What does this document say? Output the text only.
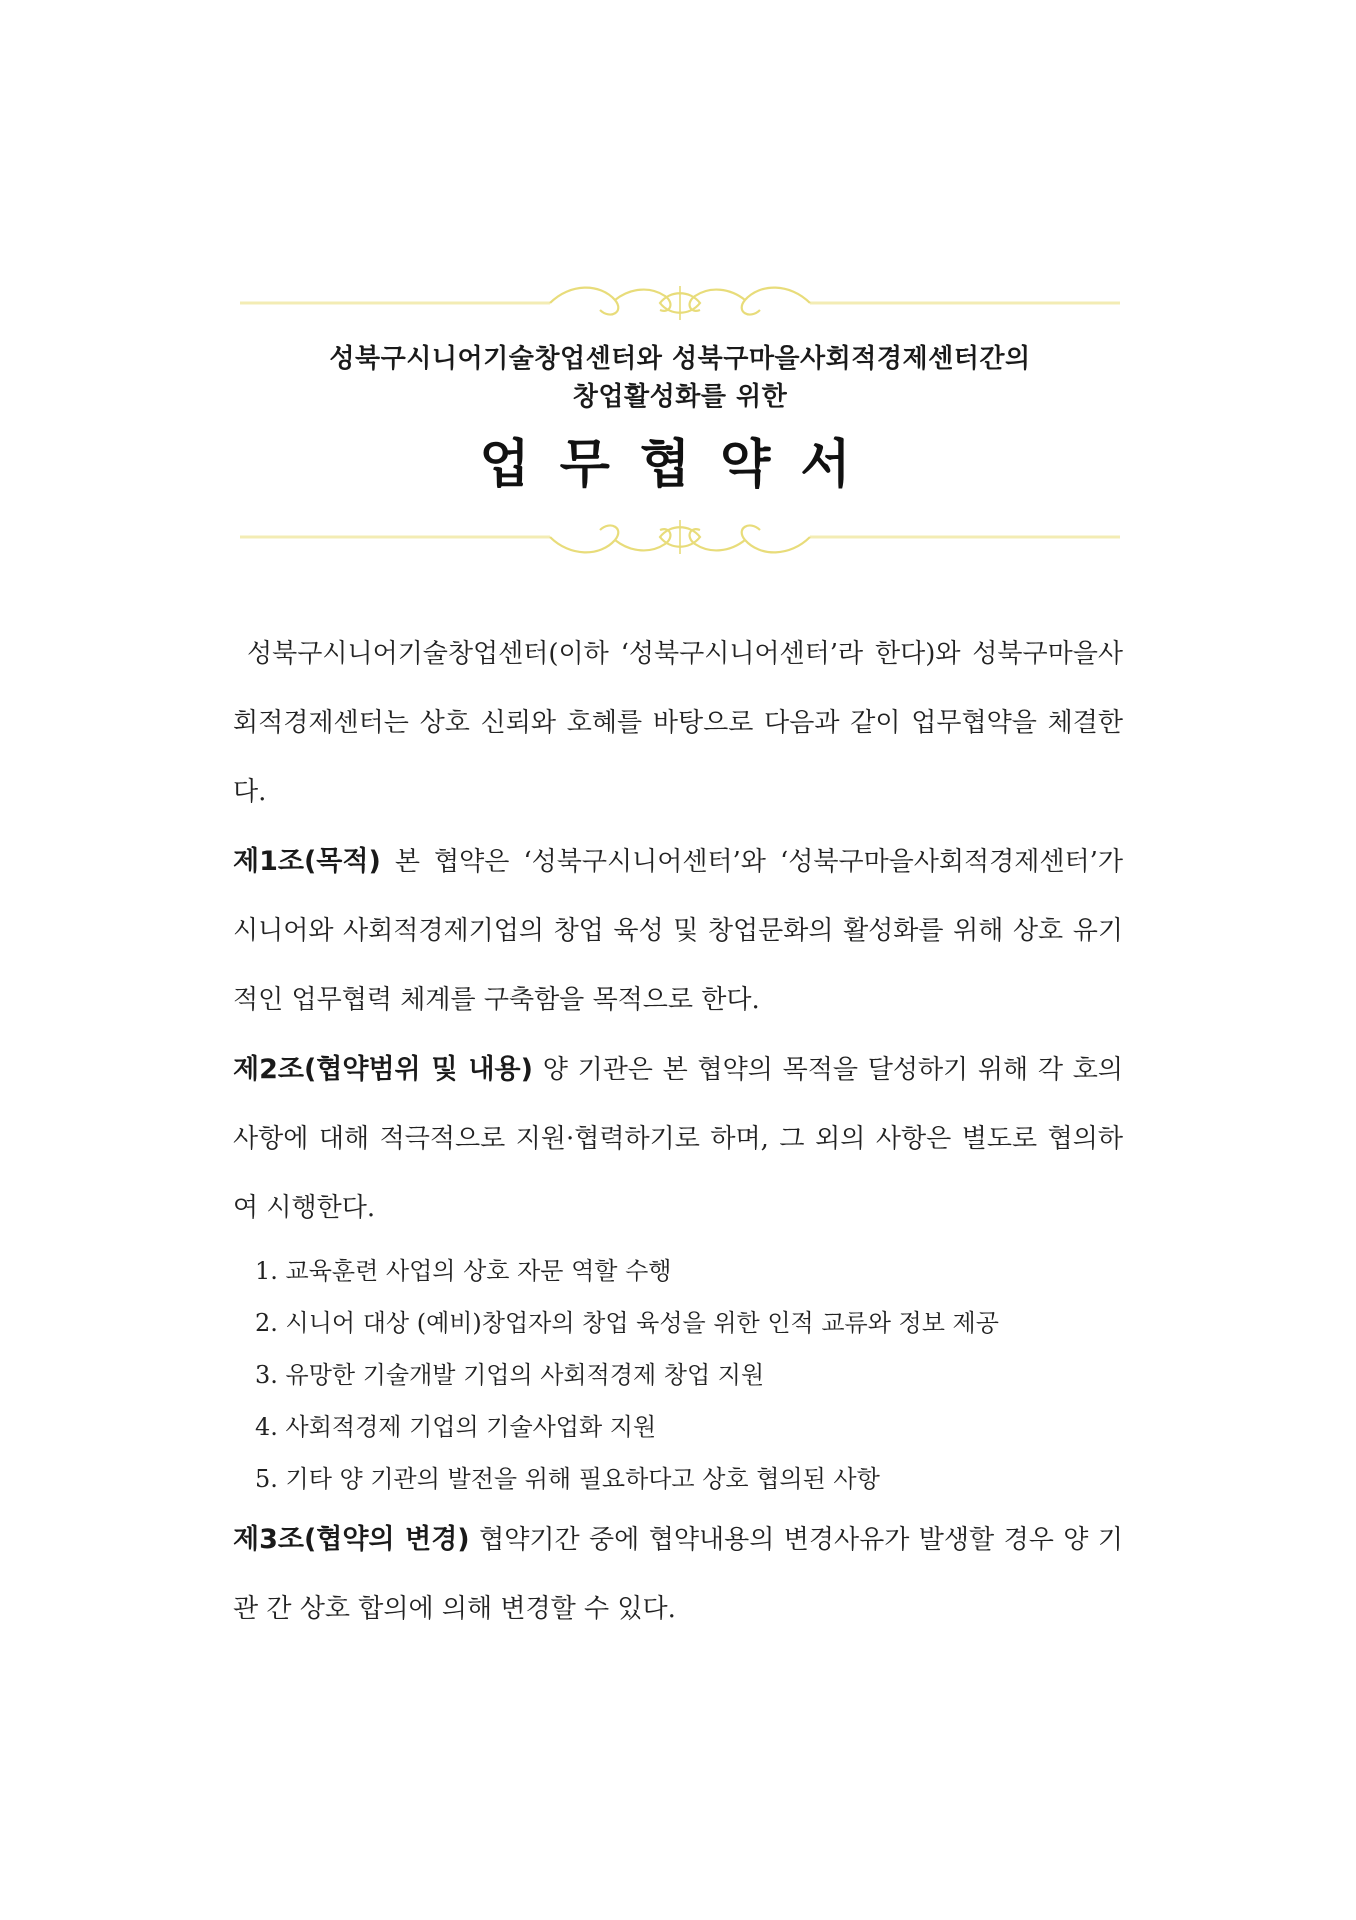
성북구시니어기술창업센터와 성북구마을사회적경제센터간의
창업활성화를 위한
업무협약서

성북구시니어기술창업센터(이하 ‘성북구시니어센터’라 한다)와 성북구마을사회적경제센터는 상호 신뢰와 호혜를 바탕으로 다음과 같이 업무협약을 체결한다.

제1조(목적) 본 협약은 ‘성북구시니어센터’와 ‘성북구마을사회적경제센터’가 시니어와 사회적경제기업의 창업 육성 및 창업문화의 활성화를 위해 상호 유기적인 업무협력 체계를 구축함을 목적으로 한다.

제2조(협약범위 및 내용) 양 기관은 본 협약의 목적을 달성하기 위해 각 호의 사항에 대해 적극적으로 지원·협력하기로 하며, 그 외의 사항은 별도로 협의하여 시행한다.

1. 교육훈련 사업의 상호 자문 역할 수행
2. 시니어 대상 (예비)창업자의 창업 육성을 위한 인적 교류와 정보 제공
3. 유망한 기술개발 기업의 사회적경제 창업 지원
4. 사회적경제 기업의 기술사업화 지원
5. 기타 양 기관의 발전을 위해 필요하다고 상호 협의된 사항

제3조(협약의 변경) 협약기간 중에 협약내용의 변경사유가 발생할 경우 양 기관 간 상호 합의에 의해 변경할 수 있다.
